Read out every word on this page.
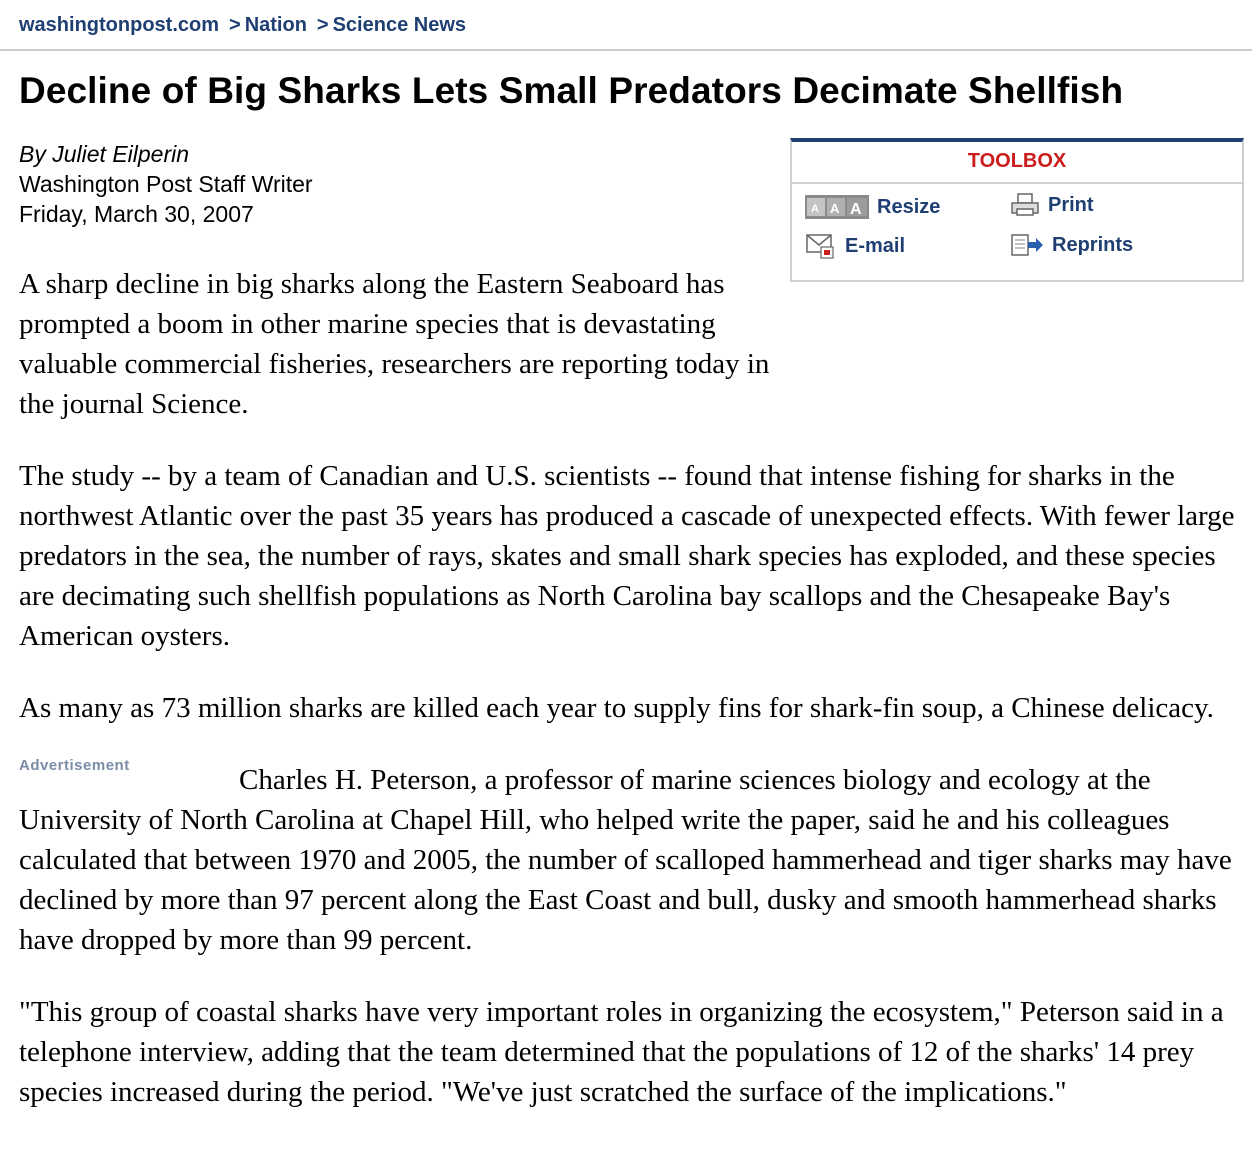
washingtonpost.com > Nation > Science News
Decline of Big Sharks Lets Small Predators Decimate Shellfish
By Juliet Eilperin
Washington Post Staff Writer
Friday, March 30, 2007
TOOLBOX
A A A Resize	Print
E-mail	Reprints

A sharp decline in big sharks along the Eastern Seaboard has prompted a boom in other marine species that is devastating valuable commercial fisheries, researchers are reporting today in the journal Science.

The study -- by a team of Canadian and U.S. scientists -- found that intense fishing for sharks in the northwest Atlantic over the past 35 years has produced a cascade of unexpected effects. With fewer large predators in the sea, the number of rays, skates and small shark species has exploded, and these species are decimating such shellfish populations as North Carolina bay scallops and the Chesapeake Bay's American oysters.

As many as 73 million sharks are killed each year to supply fins for shark-fin soup, a Chinese delicacy.

Advertisement	Charles H. Peterson, a professor of marine sciences biology and ecology at the University of North Carolina at Chapel Hill, who helped write the paper, said he and his colleagues calculated that between 1970 and 2005, the number of scalloped hammerhead and tiger sharks may have declined by more than 97 percent along the East Coast and bull, dusky and smooth hammerhead sharks have dropped by more than 99 percent.

"This group of coastal sharks have very important roles in organizing the ecosystem," Peterson said in a telephone interview, adding that the team determined that the populations of 12 of the sharks' 14 prey species increased during the period. "We've just scratched the surface of the implications."
